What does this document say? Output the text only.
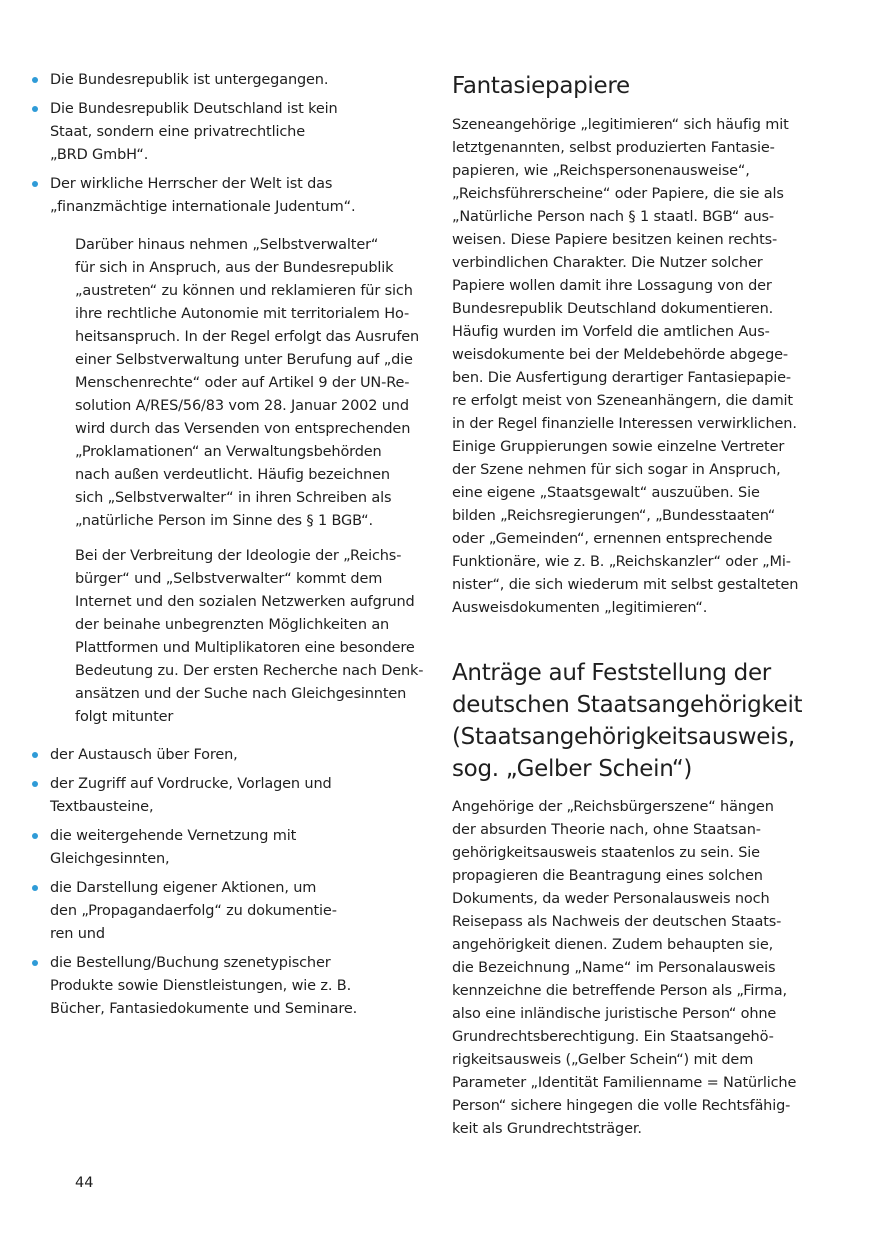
Die Bundesrepublik ist untergegangen.
Die Bundesrepublik Deutschland ist kein
Staat, sondern eine privatrechtliche
„BRD GmbH“.
Der wirkliche Herrscher der Welt ist das
„finanzmächtige internationale Judentum“.
Darüber hinaus nehmen „Selbstverwalter“
für sich in Anspruch, aus der Bundesrepublik
„austreten“ zu können und reklamieren für sich
ihre rechtliche Autonomie mit territorialem Ho-
heitsanspruch. In der Regel erfolgt das Ausrufen
einer Selbstverwaltung unter Berufung auf „die
Menschenrechte“ oder auf Artikel 9 der UN-Re-
solution A/RES/56/83 vom 28. Januar 2002 und
wird durch das Versenden von entsprechenden
„Proklamationen“ an Verwaltungsbehörden
nach außen verdeutlicht. Häufig bezeichnen
sich „Selbstverwalter“ in ihren Schreiben als
„natürliche Person im Sinne des § 1 BGB“.
Bei der Verbreitung der Ideologie der „Reichs-
bürger“ und „Selbstverwalter“ kommt dem
Internet und den sozialen Netzwerken aufgrund
der beinahe unbegrenzten Möglichkeiten an
Plattformen und Multiplikatoren eine besondere
Bedeutung zu. Der ersten Recherche nach Denk-
ansätzen und der Suche nach Gleichgesinnten
folgt mitunter
der Austausch über Foren,
der Zugriff auf Vordrucke, Vorlagen und
Textbausteine,
die weitergehende Vernetzung mit
Gleichgesinnten,
die Darstellung eigener Aktionen, um
den „Propagandaerfolg“ zu dokumentie-
ren und
die Bestellung/Buchung szenetypischer
Produkte sowie Dienstleistungen, wie z. B.
Bücher, Fantasiedokumente und Seminare.
Fantasiepapiere
Szeneangehörige „legitimieren“ sich häufig mit
letztgenannten, selbst produzierten Fantasie-
papieren, wie „Reichspersonenausweise“,
„Reichsführerscheine“ oder Papiere, die sie als
„Natürliche Person nach § 1 staatl. BGB“ aus-
weisen. Diese Papiere besitzen keinen rechts-
verbindlichen Charakter. Die Nutzer solcher
Papiere wollen damit ihre Lossagung von der
Bundesrepublik Deutschland dokumentieren.
Häufig wurden im Vorfeld die amtlichen Aus-
weisdokumente bei der Meldebehörde abgege-
ben. Die Ausfertigung derartiger Fantasiepapie-
re erfolgt meist von Szeneanhängern, die damit
in der Regel finanzielle Interessen verwirklichen.
Einige Gruppierungen sowie einzelne Vertreter
der Szene nehmen für sich sogar in Anspruch,
eine eigene „Staatsgewalt“ auszuüben. Sie
bilden „Reichsregierungen“, „Bundesstaaten“
oder „Gemeinden“, ernennen entsprechende
Funktionäre, wie z. B. „Reichskanzler“ oder „Mi-
nister“, die sich wiederum mit selbst gestalteten
Ausweisdokumenten „legitimieren“.
Anträge auf Feststellung der
deutschen Staatsangehörigkeit
(Staatsangehörigkeitsausweis,
sog. „Gelber Schein“)
Angehörige der „Reichsbürgerszene“ hängen
der absurden Theorie nach, ohne Staatsan-
gehörigkeitsausweis staatenlos zu sein. Sie
propagieren die Beantragung eines solchen
Dokuments, da weder Personalausweis noch
Reisepass als Nachweis der deutschen Staats-
angehörigkeit dienen. Zudem behaupten sie,
die Bezeichnung „Name“ im Personalausweis
kennzeichne die betreffende Person als „Firma,
also eine inländische juristische Person“ ohne
Grundrechtsberechtigung. Ein Staatsangehö-
rigkeitsausweis („Gelber Schein“) mit dem
Parameter „Identität Familienname = Natürliche
Person“ sichere hingegen die volle Rechtsfähig-
keit als Grundrechtsträger.
44
